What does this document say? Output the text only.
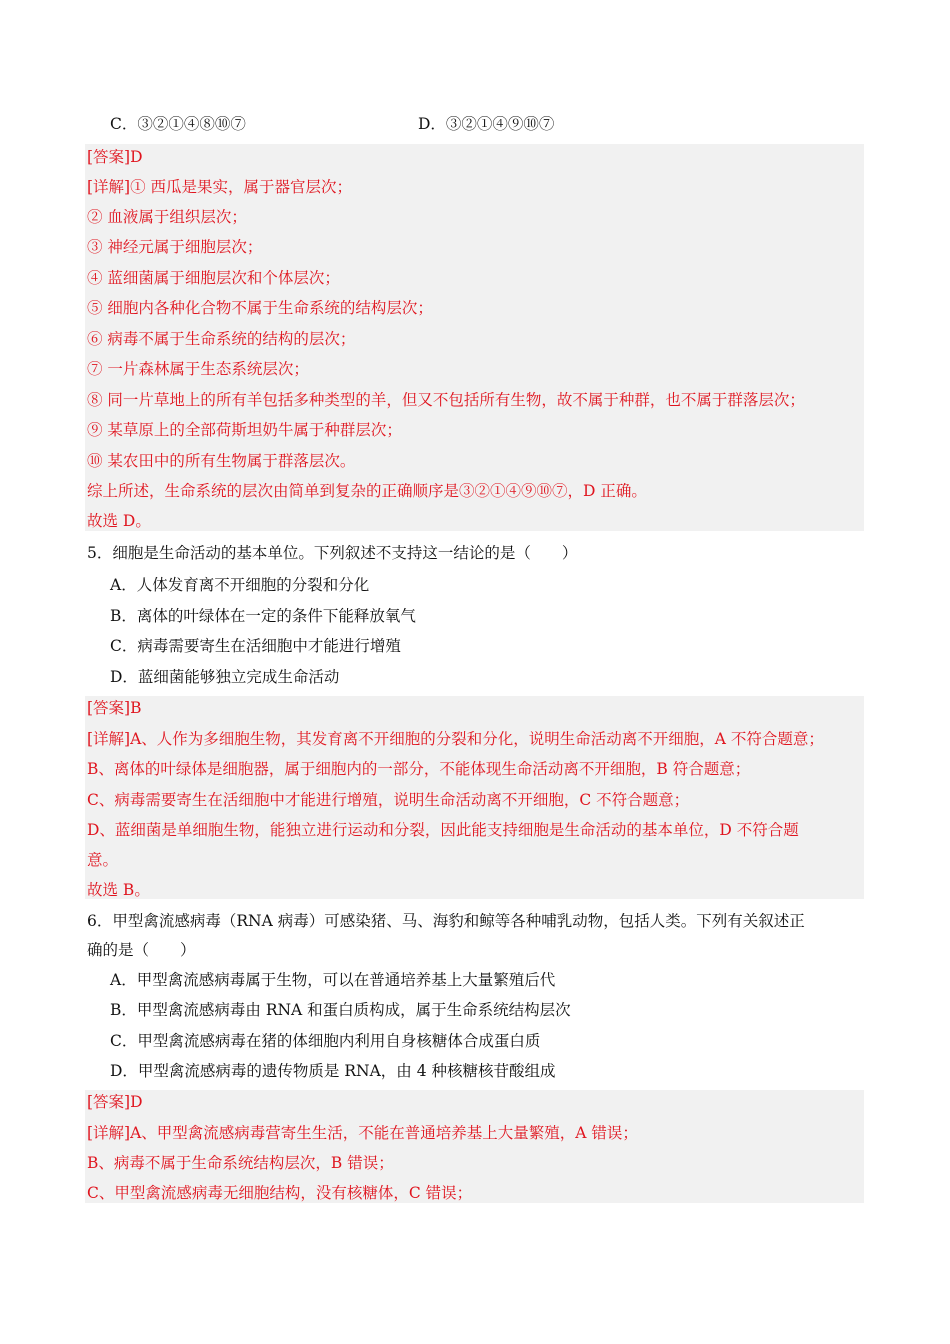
C．③②①④⑧⑩⑦	D．③②①④⑨⑩⑦
[答案]D
[详解]① 西瓜是果实，属于器官层次；
② 血液属于组织层次；
③ 神经元属于细胞层次；
④ 蓝细菌属于细胞层次和个体层次；
⑤ 细胞内各种化合物不属于生命系统的结构层次；
⑥ 病毒不属于生命系统的结构的层次；
⑦ 一片森林属于生态系统层次；
⑧ 同一片草地上的所有羊包括多种类型的羊，但又不包括所有生物，故不属于种群，也不属于群落层次；
⑨ 某草原上的全部荷斯坦奶牛属于种群层次；
⑩ 某农田中的所有生物属于群落层次。
综上所述，生命系统的层次由简单到复杂的正确顺序是③②①④⑨⑩⑦，D 正确。
故选 D。
5．细胞是生命活动的基本单位。下列叙述不支持这一结论的是（　　）
A．人体发育离不开细胞的分裂和分化
B．离体的叶绿体在一定的条件下能释放氧气
C．病毒需要寄生在活细胞中才能进行增殖
D．蓝细菌能够独立完成生命活动
[答案]B
[详解]A、人作为多细胞生物，其发育离不开细胞的分裂和分化，说明生命活动离不开细胞，A 不符合题意；
B、离体的叶绿体是细胞器，属于细胞内的一部分，不能体现生命活动离不开细胞，B 符合题意；
C、病毒需要寄生在活细胞中才能进行增殖，说明生命活动离不开细胞，C 不符合题意；
D、蓝细菌是单细胞生物，能独立进行运动和分裂，因此能支持细胞是生命活动的基本单位，D 不符合题
意。
故选 B。
6．甲型禽流感病毒（RNA 病毒）可感染猪、马、海豹和鲸等各种哺乳动物，包括人类。下列有关叙述正
确的是（　　）
A．甲型禽流感病毒属于生物，可以在普通培养基上大量繁殖后代
B．甲型禽流感病毒由 RNA 和蛋白质构成，属于生命系统结构层次
C．甲型禽流感病毒在猪的体细胞内利用自身核糖体合成蛋白质
D．甲型禽流感病毒的遗传物质是 RNA，由 4 种核糖核苷酸组成
[答案]D
[详解]A、甲型禽流感病毒营寄生生活，不能在普通培养基上大量繁殖，A 错误；
B、病毒不属于生命系统结构层次，B 错误；
C、甲型禽流感病毒无细胞结构，没有核糖体，C 错误；
